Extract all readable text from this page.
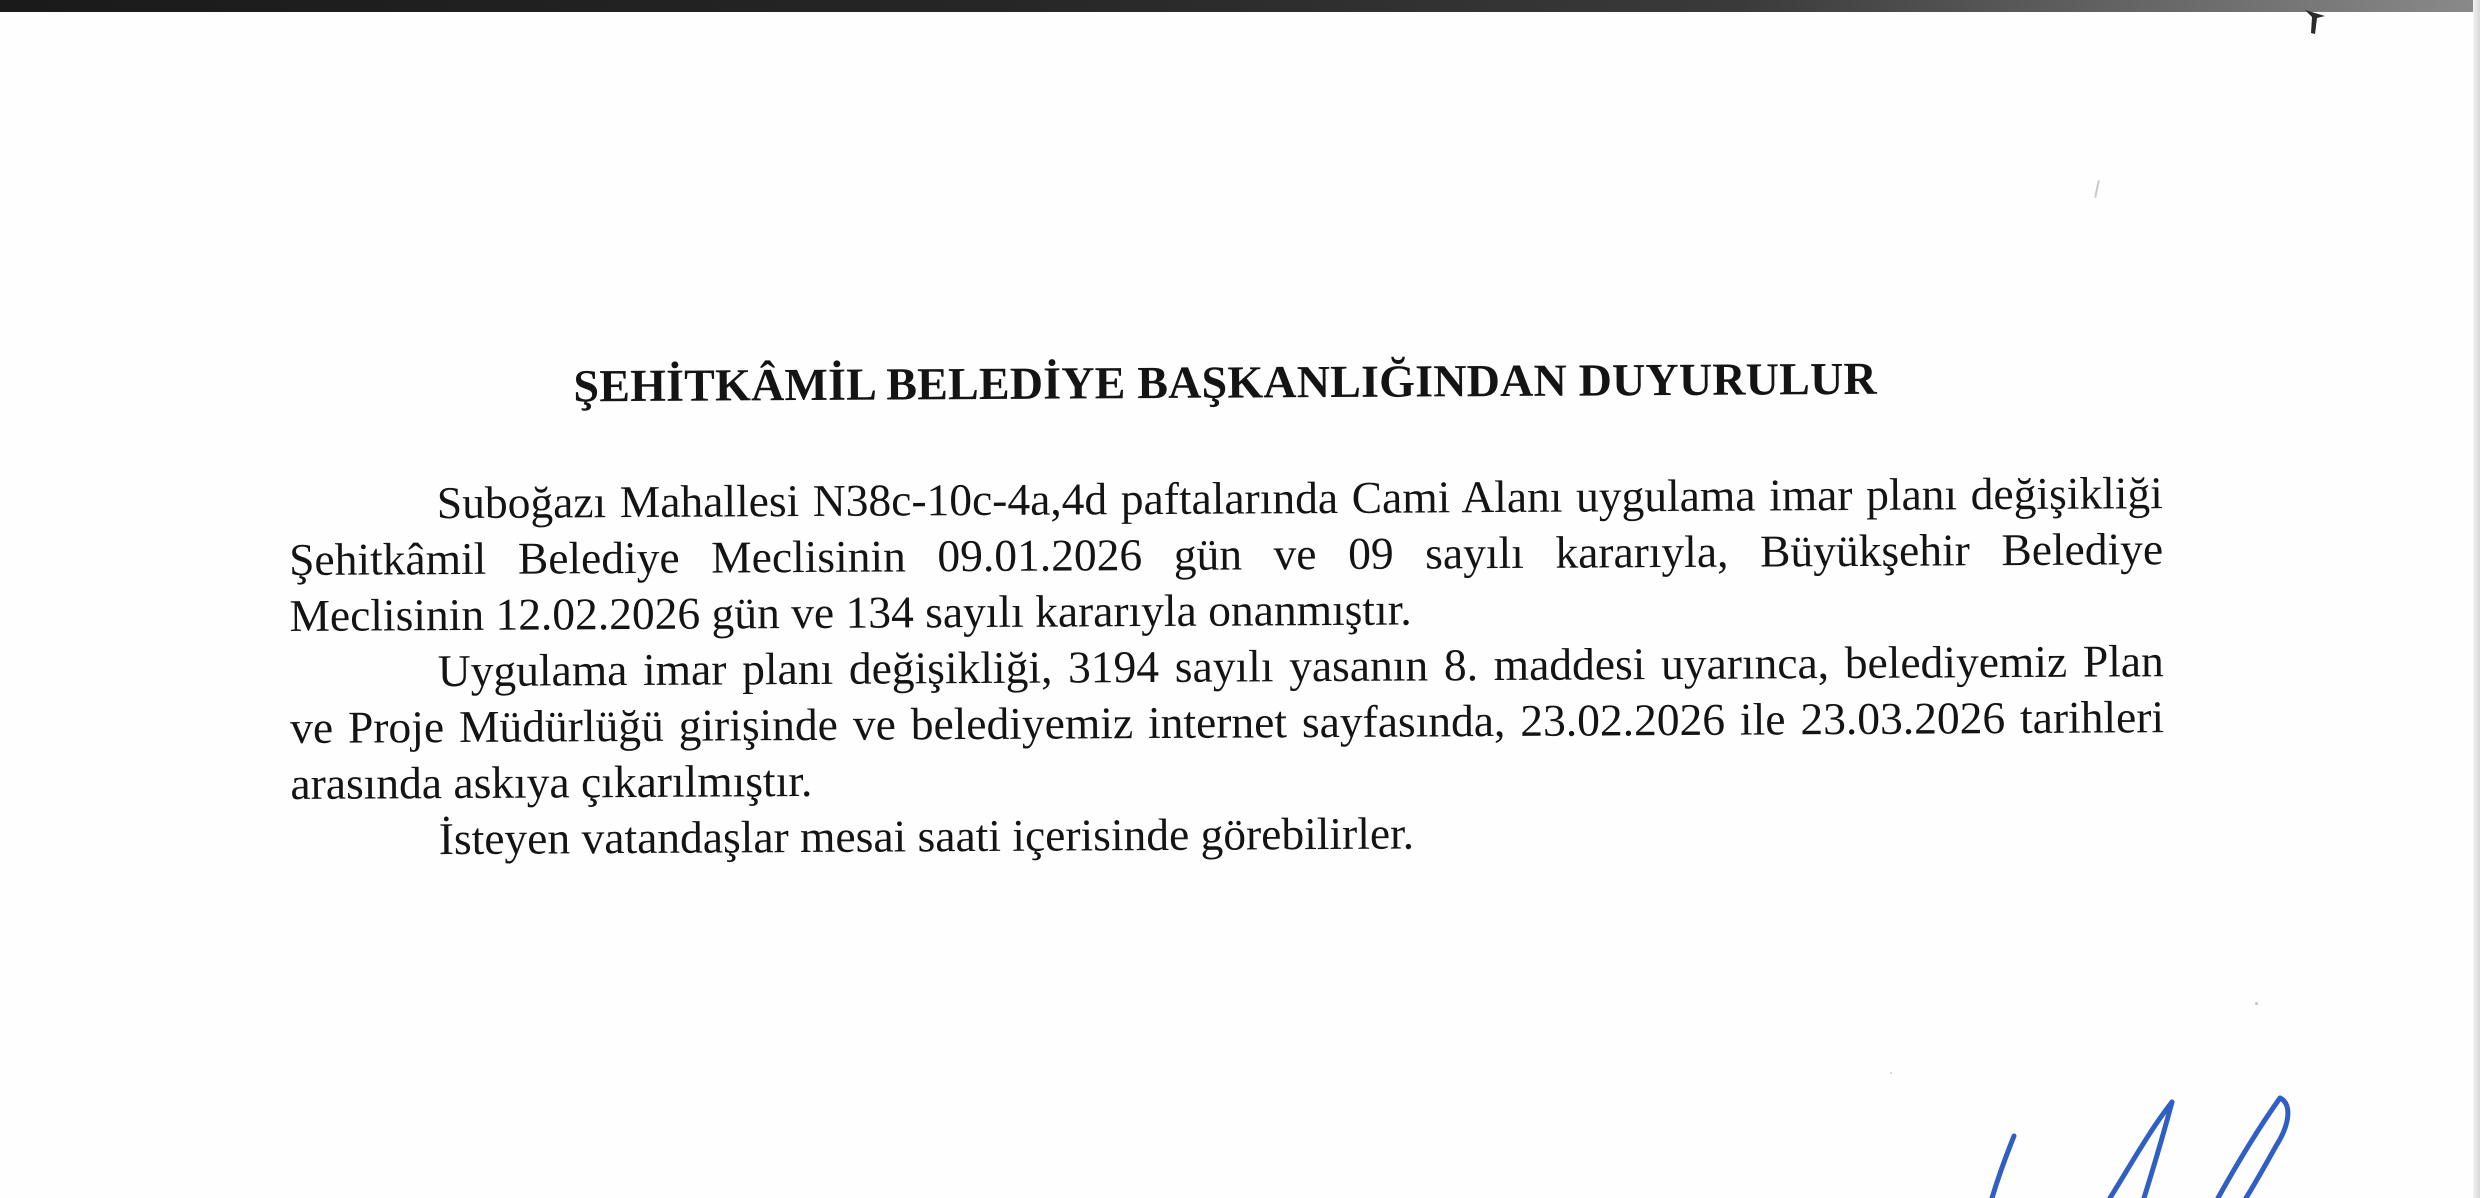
ŞEHİTKÂMİL BELEDİYE BAŞKANLIĞINDAN DUYURULUR

Suboğazı Mahallesi N38c-10c-4a,4d paftalarında Cami Alanı uygulama imar planı değişikliği Şehitkâmil Belediye Meclisinin 09.01.2026 gün ve 09 sayılı kararıyla, Büyükşehir Belediye Meclisinin 12.02.2026 gün ve 134 sayılı kararıyla onanmıştır.

Uygulama imar planı değişikliği, 3194 sayılı yasanın 8. maddesi uyarınca, belediyemiz Plan ve Proje Müdürlüğü girişinde ve belediyemiz internet sayfasında, 23.02.2026 ile 23.03.2026 tarihleri arasında askıya çıkarılmıştır.

İsteyen vatandaşlar mesai saati içerisinde görebilirler.
